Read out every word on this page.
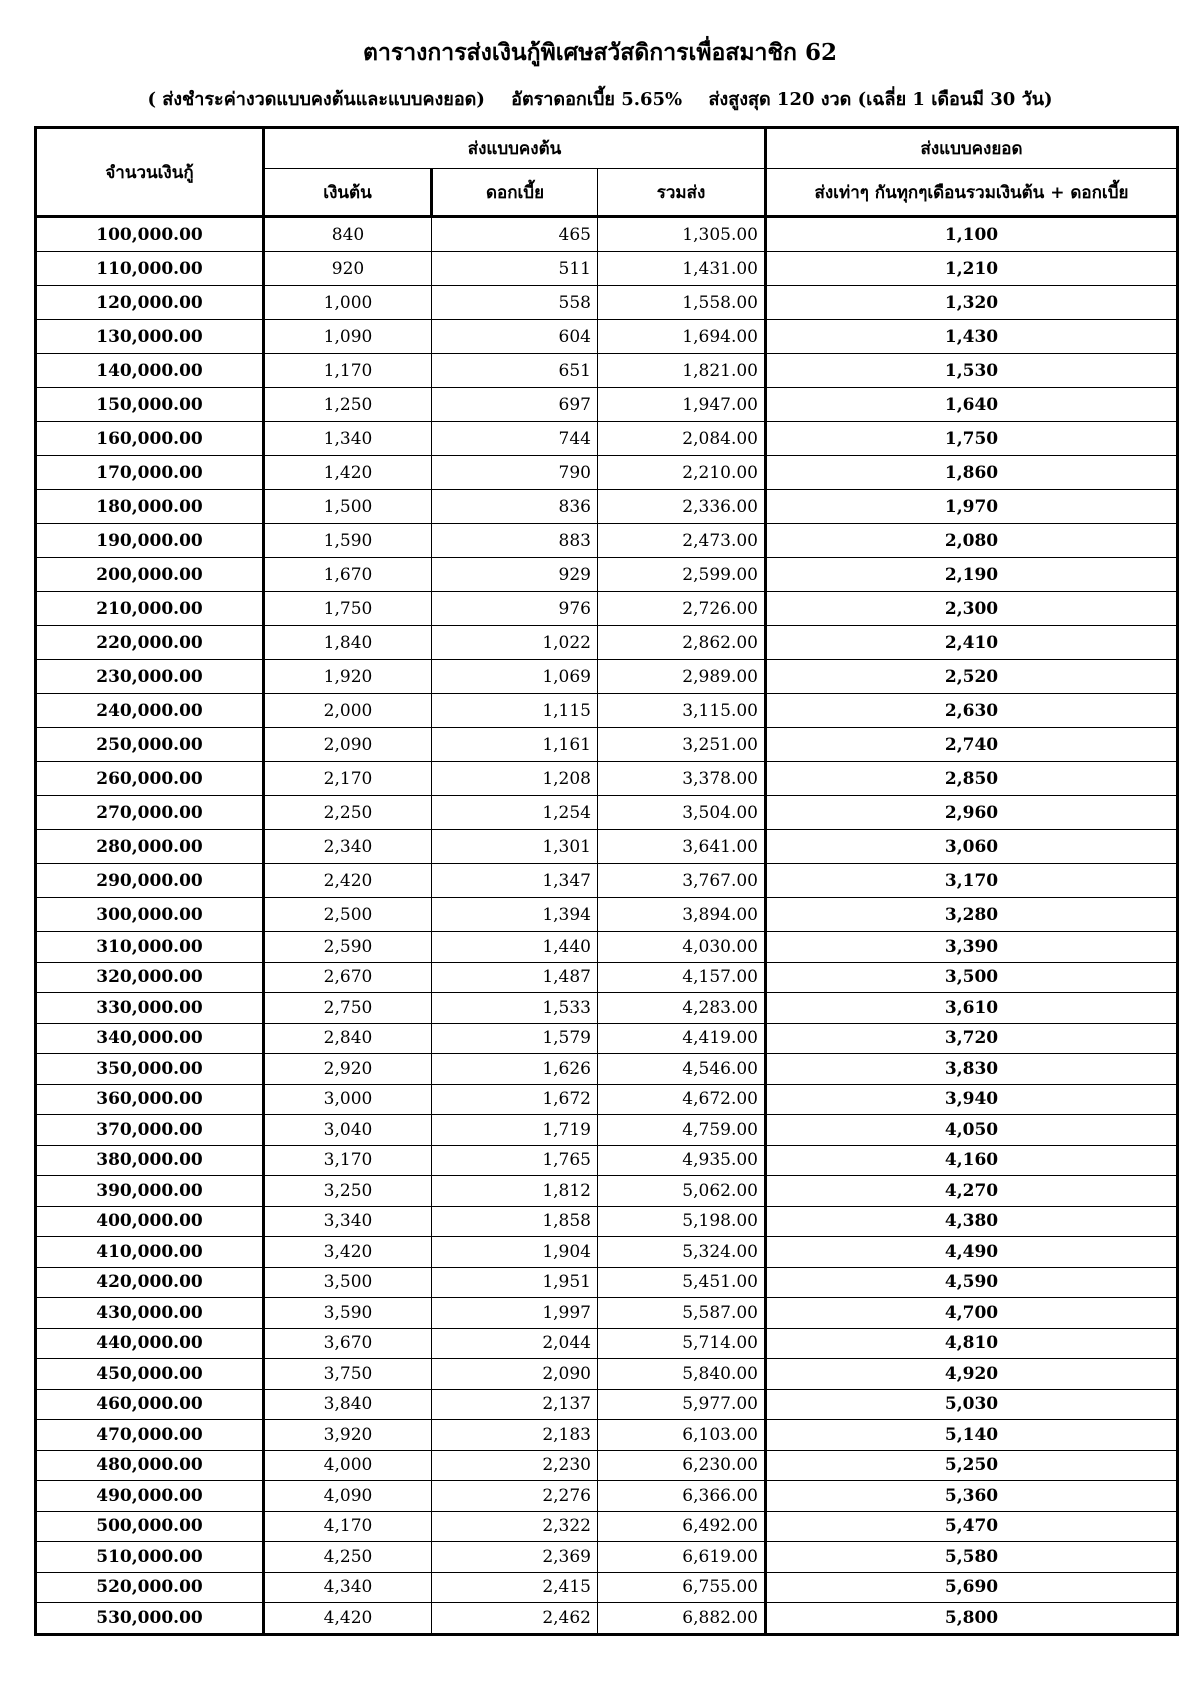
ตารางการส่งเงินกู้พิเศษสวัสดิการเพื่อสมาชิก 62
( ส่งชำระค่างวดแบบคงต้นและแบบคงยอด) อัตราดอกเบี้ย 5.65% ส่งสูงสุด 120 งวด (เฉลี่ย 1 เดือนมี 30 วัน)
จำนวนเงินกู้	ส่งแบบคงต้น			ส่งแบบคงยอด
	เงินต้น	ดอกเบี้ย	รวมส่ง	ส่งเท่าๆ กันทุกๆเดือนรวมเงินต้น + ดอกเบี้ย
100,000.00	840	465	1,305.00	1,100
110,000.00	920	511	1,431.00	1,210
120,000.00	1,000	558	1,558.00	1,320
130,000.00	1,090	604	1,694.00	1,430
140,000.00	1,170	651	1,821.00	1,530
150,000.00	1,250	697	1,947.00	1,640
160,000.00	1,340	744	2,084.00	1,750
170,000.00	1,420	790	2,210.00	1,860
180,000.00	1,500	836	2,336.00	1,970
190,000.00	1,590	883	2,473.00	2,080
200,000.00	1,670	929	2,599.00	2,190
210,000.00	1,750	976	2,726.00	2,300
220,000.00	1,840	1,022	2,862.00	2,410
230,000.00	1,920	1,069	2,989.00	2,520
240,000.00	2,000	1,115	3,115.00	2,630
250,000.00	2,090	1,161	3,251.00	2,740
260,000.00	2,170	1,208	3,378.00	2,850
270,000.00	2,250	1,254	3,504.00	2,960
280,000.00	2,340	1,301	3,641.00	3,060
290,000.00	2,420	1,347	3,767.00	3,170
300,000.00	2,500	1,394	3,894.00	3,280
310,000.00	2,590	1,440	4,030.00	3,390
320,000.00	2,670	1,487	4,157.00	3,500
330,000.00	2,750	1,533	4,283.00	3,610
340,000.00	2,840	1,579	4,419.00	3,720
350,000.00	2,920	1,626	4,546.00	3,830
360,000.00	3,000	1,672	4,672.00	3,940
370,000.00	3,040	1,719	4,759.00	4,050
380,000.00	3,170	1,765	4,935.00	4,160
390,000.00	3,250	1,812	5,062.00	4,270
400,000.00	3,340	1,858	5,198.00	4,380
410,000.00	3,420	1,904	5,324.00	4,490
420,000.00	3,500	1,951	5,451.00	4,590
430,000.00	3,590	1,997	5,587.00	4,700
440,000.00	3,670	2,044	5,714.00	4,810
450,000.00	3,750	2,090	5,840.00	4,920
460,000.00	3,840	2,137	5,977.00	5,030
470,000.00	3,920	2,183	6,103.00	5,140
480,000.00	4,000	2,230	6,230.00	5,250
490,000.00	4,090	2,276	6,366.00	5,360
500,000.00	4,170	2,322	6,492.00	5,470
510,000.00	4,250	2,369	6,619.00	5,580
520,000.00	4,340	2,415	6,755.00	5,690
530,000.00	4,420	2,462	6,882.00	5,800
